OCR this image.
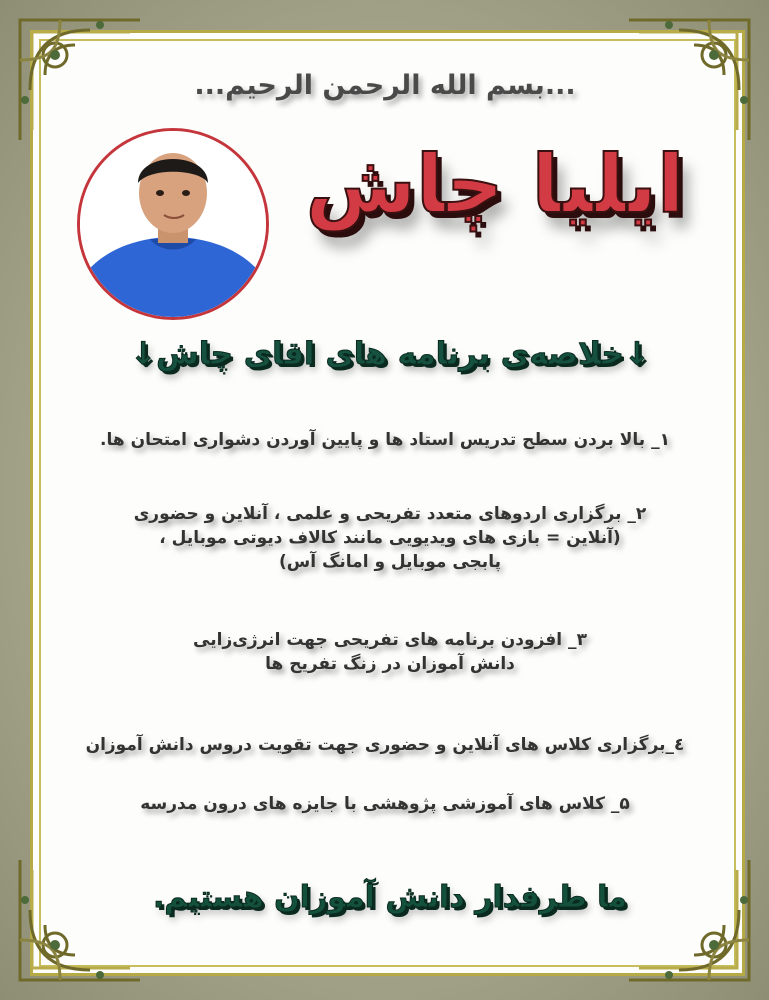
...بسم الله الرحمن الرحیم...
ایلیا چاش
↓خلاصه‌ی برنامه های اقای چاش↓
۱_ بالا بردن سطح تدریس استاد ها و پایین آوردن دشواری امتحان ها.
۲_ برگزاری اردوهای متعدد تفریحی و علمی ، آنلاین و حضوری
(آنلاین = بازی های ویدیویی مانند کالاف دیوتی موبایل ،
پابجی موبایل و امانگ آس)
۳_ افزودن برنامه های تفریحی جهت انرژی‌زایی
دانش آموزان در زنگ تفریح ها
٤_برگزاری کلاس های آنلاین و حضوری جهت تقویت دروس دانش آموزان
۵_ کلاس های آموزشی پژوهشی با جایزه های درون مدرسه
ما طرفدار دانش آموزان هستیم.
